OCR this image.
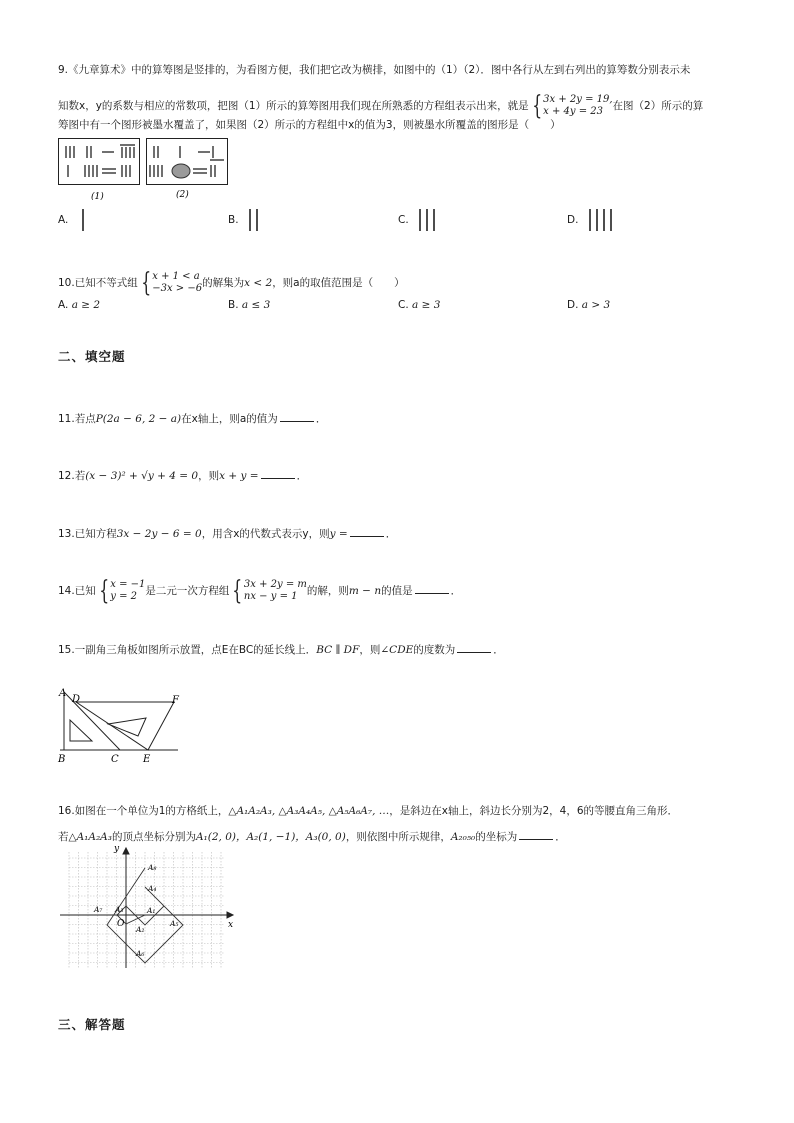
9.《九章算术》中的算筹图是竖排的，为看图方便，我们把它改为横排，如图中的（1）（2）．图中各行从左到右列出的算筹数分别表示未
知数x，y的系数与相应的常数项，把图（1）所示的算筹图用我们现在所熟悉的方程组表示出来，就是 { 3x + 2y = 19,
x + 4y = 23 在图（2）所示的算
筹图中有一个图形被墨水覆盖了，如果图（2）所示的方程组中x的值为3，则被墨水所覆盖的图形是（　　）
(1)	(2)
A.	B.	C.	D.
10.已知不等式组 { x + 1 < a
−3x > −6 的解集为x < 2，则a的取值范围是（　　）
A. a ≥ 2	B. a ≤ 3	C. a ≥ 3	D. a > 3
二、填空题
11.若点P(2a − 6, 2 − a)在x轴上，则a的值为	．
12.若(x − 3)² + √y + 4 = 0，则x + y =	．
13.已知方程3x − 2y − 6 = 0，用含x的代数式表示y，则y =	．
14.已知 { x = −1
y = 2 是二元一次方程组 { 3x + 2y = m
nx − y = 1 的解，则m − n的值是	．
15.一副角三角板如图所示放置，点E在BC的延长线上．BC ∥ DF，则∠CDE的度数为	．
A
D	F
B	C E
16.如图在一个单位为1的方格纸上，△A₁A₂A₃, △A₃A₄A₅, △A₅A₆A₇, …，是斜边在x轴上，斜边长分别为2，4，6的等腰直角三角形．
若△A₁A₂A₃的顶点坐标分别为A₁(2, 0)，A₂(1, −1)，A₃(0, 0)，则依图中所示规律，A₂₀₅₀的坐标为	．
y
x
O
A₁
A₂
A₃
A₄
A₅
A₆
A₇
A₈
三、解答题
